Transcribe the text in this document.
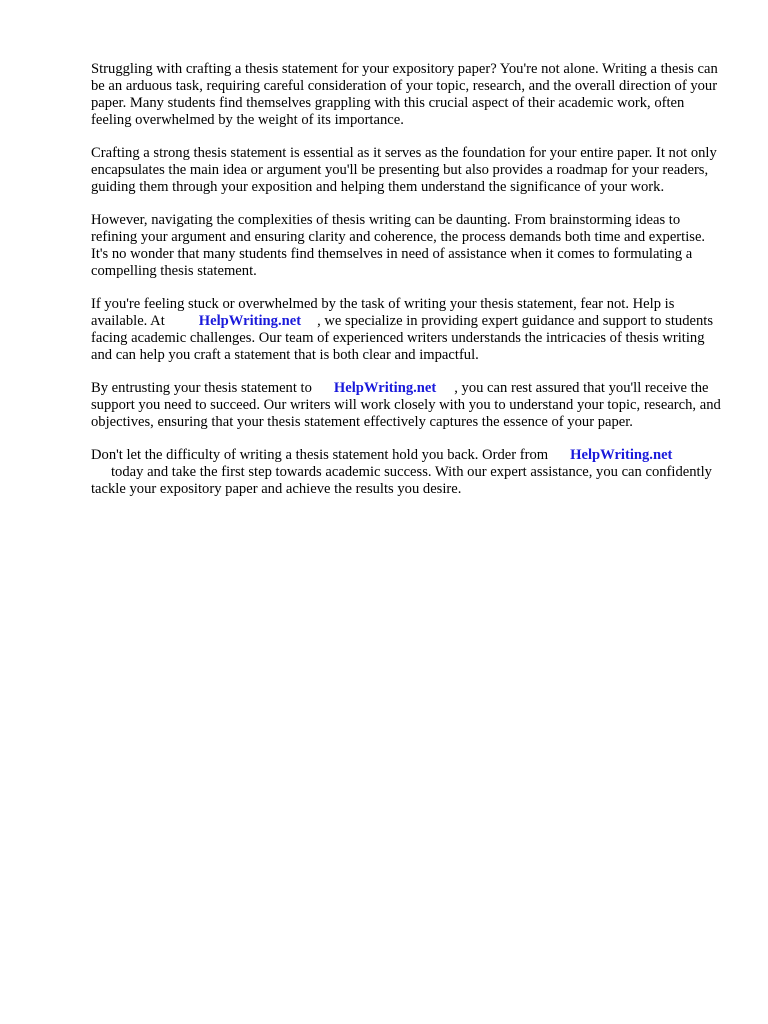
Struggling with crafting a thesis statement for your expository paper? You're not alone. Writing a thesis can be an arduous task, requiring careful consideration of your topic, research, and the overall direction of your paper. Many students find themselves grappling with this crucial aspect of their academic work, often feeling overwhelmed by the weight of its importance.

Crafting a strong thesis statement is essential as it serves as the foundation for your entire paper. It not only encapsulates the main idea or argument you'll be presenting but also provides a roadmap for your readers, guiding them through your exposition and helping them understand the significance of your work.

However, navigating the complexities of thesis writing can be daunting. From brainstorming ideas to refining your argument and ensuring clarity and coherence, the process demands both time and expertise. It's no wonder that many students find themselves in need of assistance when it comes to formulating a compelling thesis statement.

If you're feeling stuck or overwhelmed by the task of writing your thesis statement, fear not. Help is available. At HelpWriting.net , we specialize in providing expert guidance and support to students facing academic challenges. Our team of experienced writers understands the intricacies of thesis writing and can help you craft a statement that is both clear and impactful.

By entrusting your thesis statement to HelpWriting.net , you can rest assured that you'll receive the support you need to succeed. Our writers will work closely with you to understand your topic, research, and objectives, ensuring that your thesis statement effectively captures the essence of your paper.

Don't let the difficulty of writing a thesis statement hold you back. Order from HelpWriting.net
today and take the first step towards academic success. With our expert assistance, you can confidently tackle your expository paper and achieve the results you desire.
